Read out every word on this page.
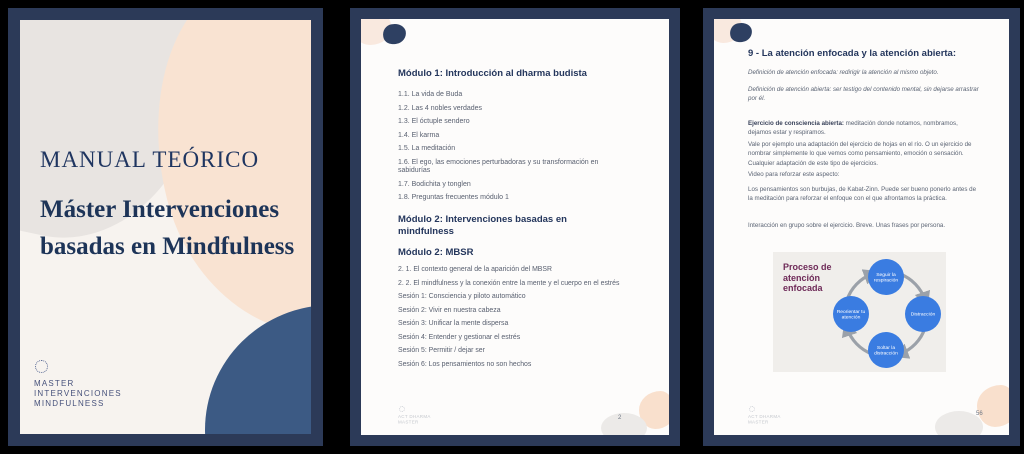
MANUAL TEÓRICO
Máster Intervenciones
basadas en Mindfulness
MASTER
INTERVENCIONES
MINDFULNESS
Módulo 1: Introducción al dharma budista
1.1. La vida de Buda
1.2. Las 4 nobles verdades
1.3. El óctuple sendero
1.4. El karma
1.5. La meditación
1.6. El ego, las emociones perturbadoras y su transformación en sabidurías
1.7. Bodichita y tonglen
1.8. Preguntas frecuentes módulo 1
Módulo 2: Intervenciones basadas en mindfulness
Módulo 2: MBSR
2. 1. El contexto general de la aparición del MBSR
2. 2. El mindfulness y la conexión entre la mente y el cuerpo en el estrés
Sesión 1: Consciencia y piloto automático
Sesión 2: Vivir en nuestra cabeza
Sesión 3: Unificar la mente dispersa
Sesión 4: Entender y gestionar el estrés
Sesión 5: Permitir / dejar ser
Sesión 6: Los pensamientos no son hechos
ACT DHARMA
MASTER
2
9 - La atención enfocada y la atención abierta:

Definición de atención enfocada: redirigir la atención al mismo objeto.

Definición de atención abierta: ser testigo del contenido mental, sin dejarse arrastrar por él.

Ejercicio de consciencia abierta: meditación donde notamos, nombramos, dejamos estar y respiramos.

Vale por ejemplo una adaptación del ejercicio de hojas en el río. O un ejercicio de nombrar simplemente lo que vemos como pensamiento, emoción o sensación. Cualquier adaptación de este tipo de ejercicios.

Video para reforzar este aspecto:

Los pensamientos son burbujas, de Kabat-Zinn. Puede ser bueno ponerlo antes de la meditación para reforzar el enfoque con el que afrontamos la práctica.

Interacción en grupo sobre el ejercicio. Breve. Unas frases por persona.

Proceso de atención enfocada
Seguir la respiración
Distracción
Soltar la distracción
Reorientar tu atención
ACT DHARMA
MASTER
56
